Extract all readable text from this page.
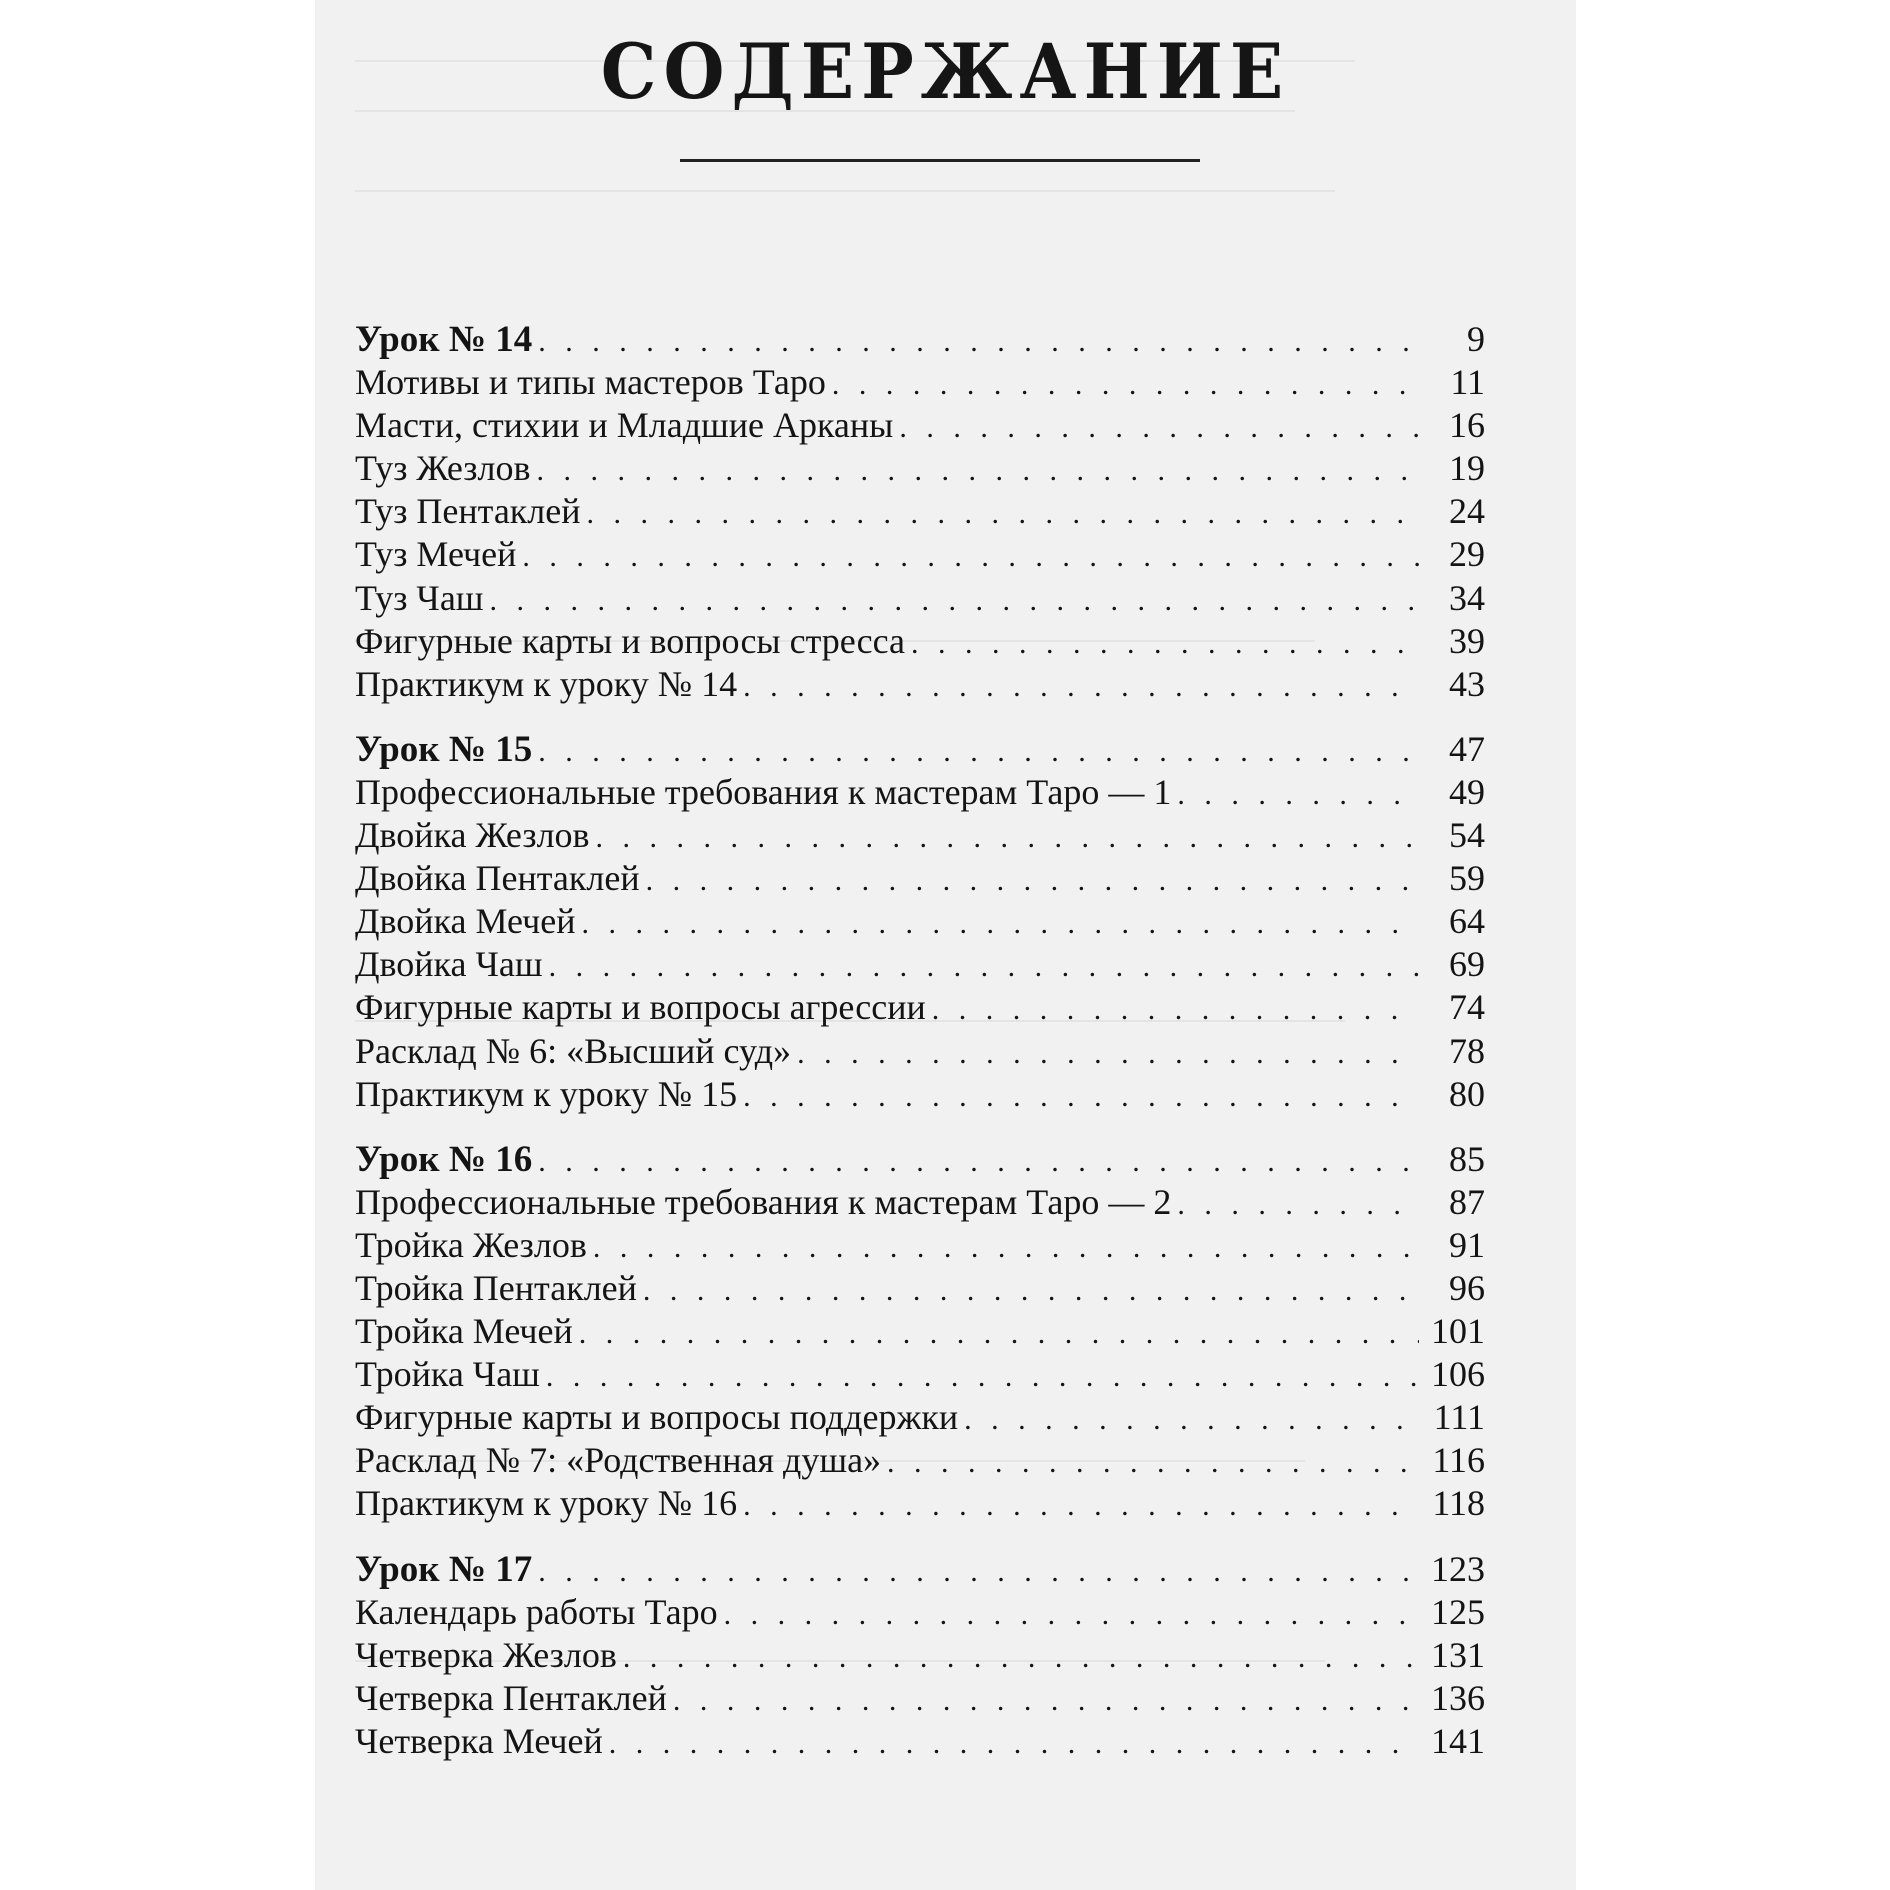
СОДЕРЖАНИЕ
Урок № 14 . . .	9
Мотивы и типы мастеров Таро . . .	11
Масти, стихии и Младшие Арканы . . .	16
Туз Жезлов . . .	19
Туз Пентаклей . . .	24
Туз Мечей . . .	29
Туз Чаш . . .	34
Фигурные карты и вопросы стресса . . .	39
Практикум к уроку № 14 . . .	43
Урок № 15 . . .	47
Профессиональные требования к мастерам Таро — 1 . . .	49
Двойка Жезлов . . .	54
Двойка Пентаклей . . .	59
Двойка Мечей . . .	64
Двойка Чаш . . .	69
Фигурные карты и вопросы агрессии . . .	74
Расклад № 6: «Высший суд» . . .	78
Практикум к уроку № 15 . . .	80
Урок № 16 . . .	85
Профессиональные требования к мастерам Таро — 2 . . .	87
Тройка Жезлов . . .	91
Тройка Пентаклей . . .	96
Тройка Мечей . . .	101
Тройка Чаш . . .	106
Фигурные карты и вопросы поддержки . . .	111
Расклад № 7: «Родственная душа» . . .	116
Практикум к уроку № 16 . . .	118
Урок № 17 . . .	123
Календарь работы Таро . . .	125
Четверка Жезлов . . .	131
Четверка Пентаклей . . .	136
Четверка Мечей . . .	141
